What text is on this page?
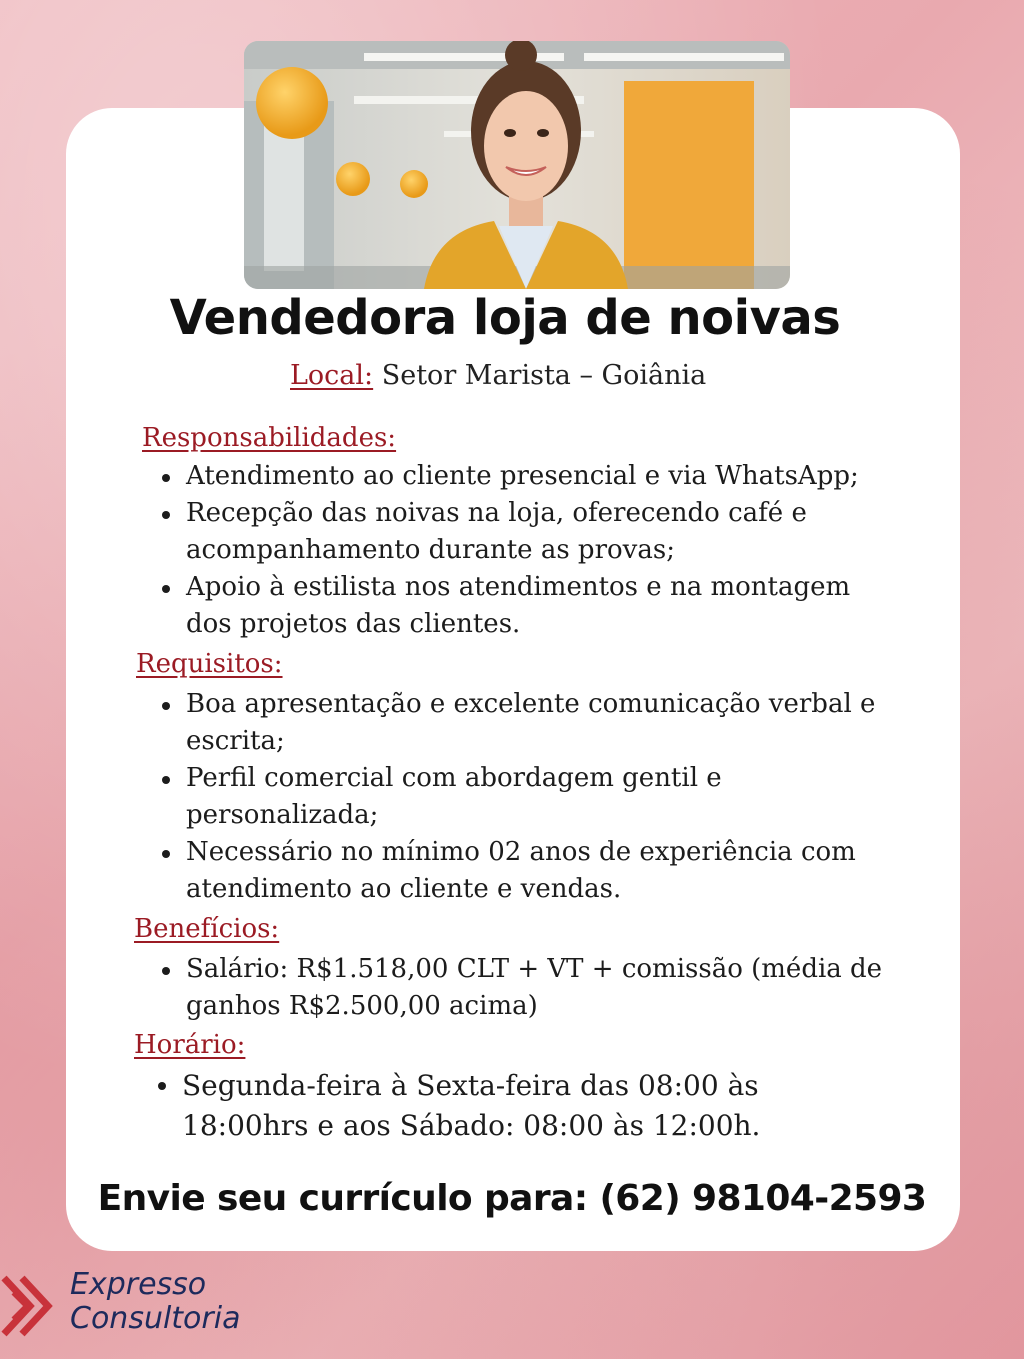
Vendedora loja de noivas
Local: Setor Marista – Goiânia
Responsabilidades:
Atendimento ao cliente presencial e via WhatsApp;
Recepção das noivas na loja, oferecendo café e acompanhamento durante as provas;
Apoio à estilista nos atendimentos e na montagem dos projetos das clientes.
Requisitos:
Boa apresentação e excelente comunicação verbal e escrita;
Perfil comercial com abordagem gentil e personalizada;
Necessário no mínimo 02 anos de experiência com atendimento ao cliente e vendas.
Benefícios:
Salário: R$1.518,00 CLT + VT + comissão (média de ganhos R$2.500,00 acima)
Horário:
Segunda-feira à Sexta-feira das 08:00 às 18:00hrs e aos Sábado: 08:00 às 12:00h.
Envie seu currículo para: (62) 98104-2593
Expresso
Consultoria
